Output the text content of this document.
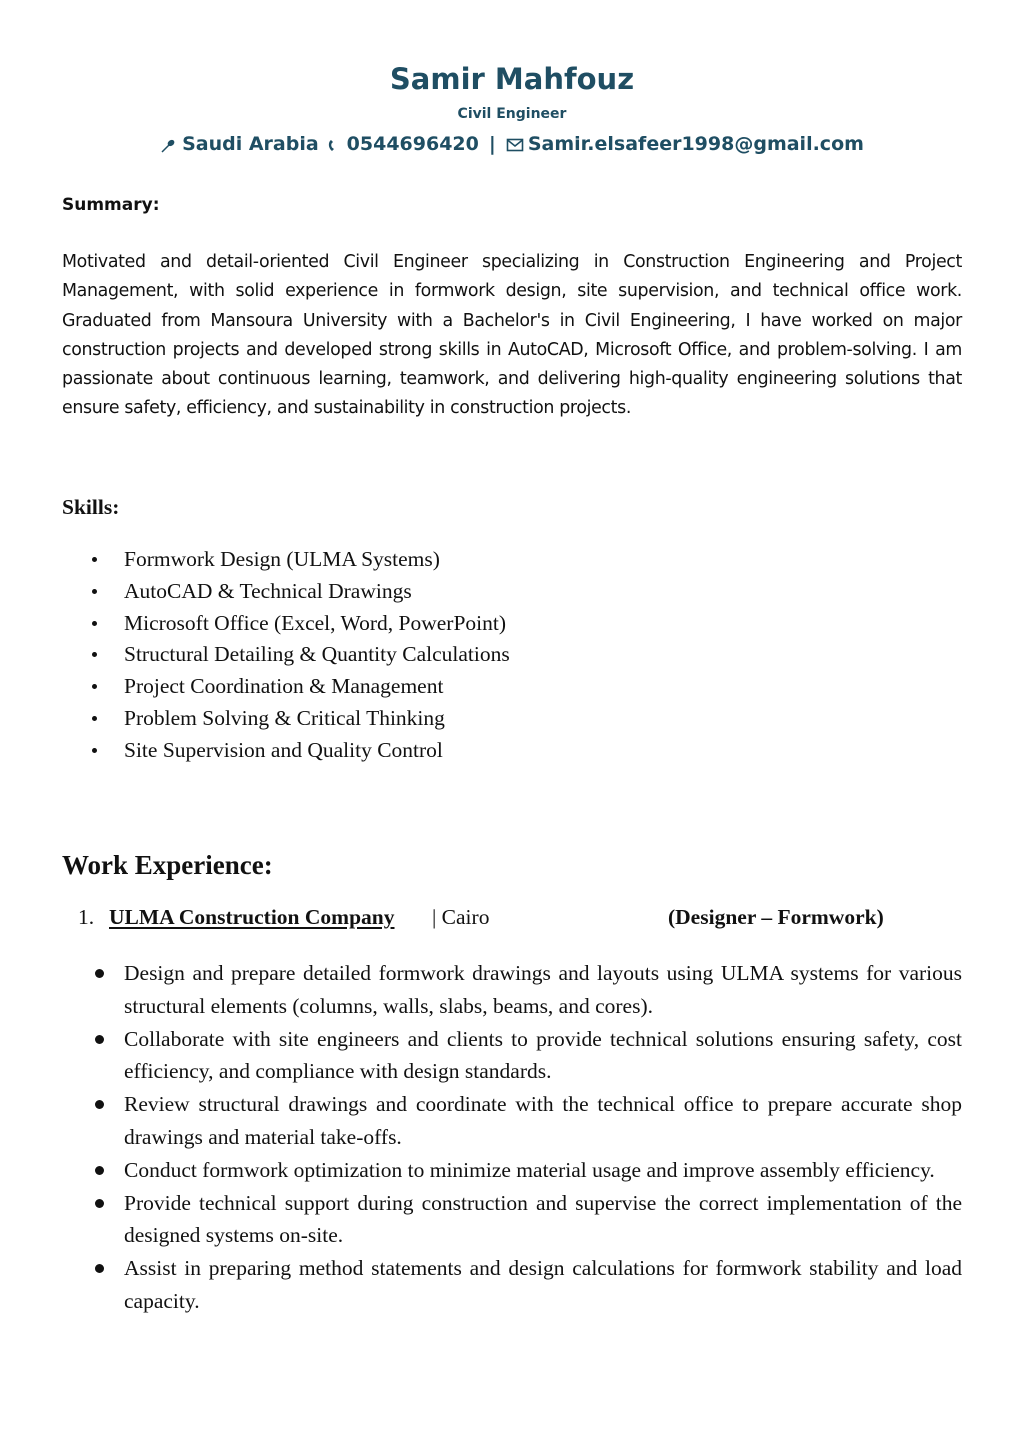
Samir Mahfouz
Civil Engineer
Saudi Arabia 0544696420 | Samir.elsafeer1998@gmail.com
Summary:
Motivated and detail-oriented Civil Engineer specializing in Construction Engineering and Project Management, with solid experience in formwork design, site supervision, and technical office work. Graduated from Mansoura University with a Bachelor's in Civil Engineering, I have worked on major construction projects and developed strong skills in AutoCAD, Microsoft Office, and problem-solving. I am passionate about continuous learning, teamwork, and delivering high-quality engineering solutions that ensure safety, efficiency, and sustainability in construction projects.
Skills:
Formwork Design (ULMA Systems)
AutoCAD & Technical Drawings
Microsoft Office (Excel, Word, PowerPoint)
Structural Detailing & Quantity Calculations
Project Coordination & Management
Problem Solving & Critical Thinking
Site Supervision and Quality Control
Work Experience:
1. ULMA Construction Company | Cairo	(Designer – Formwork)
Design and prepare detailed formwork drawings and layouts using ULMA systems for various structural elements (columns, walls, slabs, beams, and cores).
Collaborate with site engineers and clients to provide technical solutions ensuring safety, cost efficiency, and compliance with design standards.
Review structural drawings and coordinate with the technical office to prepare accurate shop drawings and material take-offs.
Conduct formwork optimization to minimize material usage and improve assembly efficiency.
Provide technical support during construction and supervise the correct implementation of the designed systems on-site.
Assist in preparing method statements and design calculations for formwork stability and load capacity.
